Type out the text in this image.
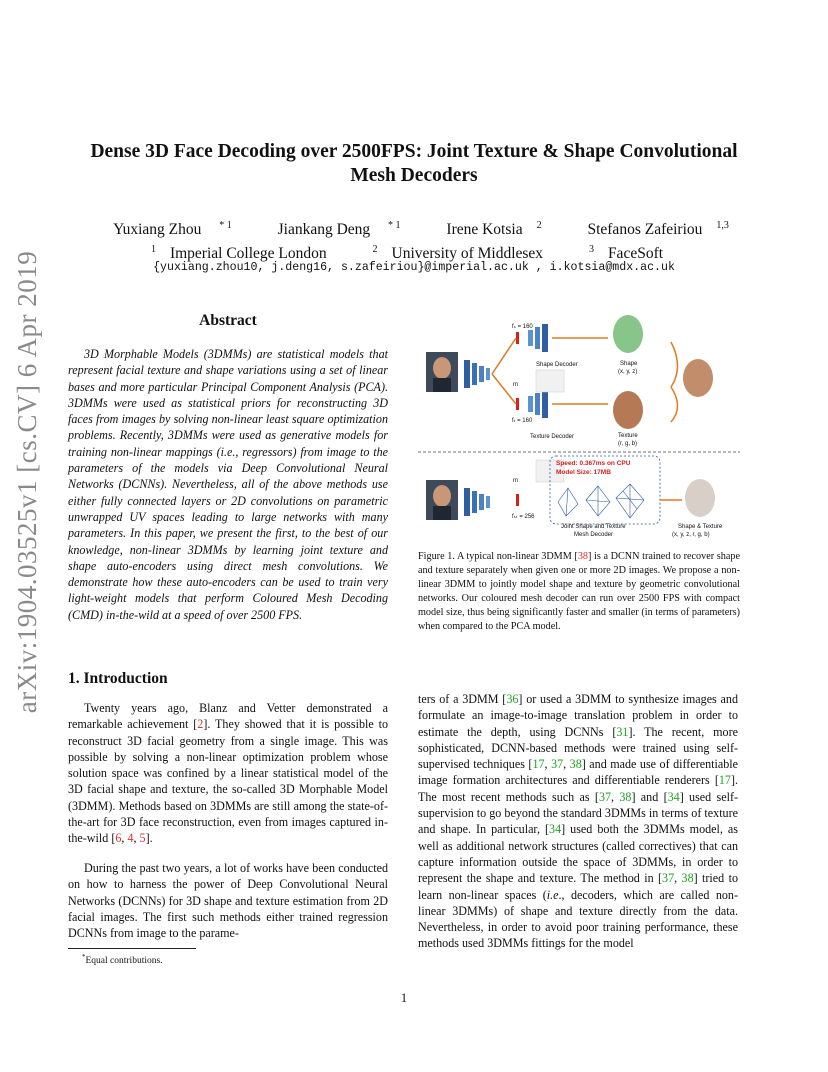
arXiv:1904.03525v1 [cs.CV] 6 Apr 2019
Dense 3D Face Decoding over 2500FPS: Joint Texture & Shape Convolutional
Mesh Decoders
Yuxiang Zhou $^{* 1}$	Jiankang Deng $^{* 1}$	Irene Kotsia $^2$	Stefanos Zafeiriou $^{1,3}$
$^1$ Imperial College London	$^2$ University of Middlesex	$^3$ FaceSoft
{yuxiang.zhou10, j.deng16, s.zafeiriou}@imperial.ac.uk , i.kotsia@mdx.ac.uk
Abstract
3D Morphable Models (3DMMs) are statistical models that represent facial texture and shape variations using a set of linear bases and more particular Principal Component Analysis (PCA). 3DMMs were used as statistical priors for reconstructing 3D faces from images by solving non-linear least square optimization problems. Recently, 3DMMs were used as generative models for training non-linear mappings (i.e., regressors) from image to the parameters of the models via Deep Convolutional Neural Networks (DCNNs). Nevertheless, all of the above methods use either fully connected layers or 2D convolutions on parametric unwrapped UV spaces leading to large networks with many parameters. In this paper, we present the first, to the best of our knowledge, non-linear 3DMMs by learning joint texture and shape auto-encoders using direct mesh convolutions. We demonstrate how these auto-encoders can be used to train very light-weight models that perform Coloured Mesh Decoding (CMD) in-the-wild at a speed of over 2500 FPS.
1. Introduction
Twenty years ago, Blanz and Vetter demonstrated a remarkable achievement [2]. They showed that it is possible to reconstruct 3D facial geometry from a single image. This was possible by solving a non-linear optimization problem whose solution space was confined by a linear statistical model of the 3D facial shape and texture, the so-called 3D Morphable Model (3DMM). Methods based on 3DMMs are still among the state-of-the-art for 3D face reconstruction, even from images captured in-the-wild [6, 4, 5].
During the past two years, a lot of works have been conducted on how to harness the power of Deep Convolutional Neural Networks (DCNNs) for 3D shape and texture estimation from 2D facial images. The first such methods either trained regression DCNNs from image to the parame-
ters of a 3DMM [36] or used a 3DMM to synthesize images and formulate an image-to-image translation problem in order to estimate the depth, using DCNNs [31]. The recent, more sophisticated, DCNN-based methods were trained using self-supervised techniques [17, 37, 38] and made use of differentiable image formation architectures and differentiable renderers [17]. The most recent methods such as [37, 38] and [34] used self-supervision to go beyond the standard 3DMMs in terms of texture and shape. In particular, [34] used both the 3DMMs model, as well as additional network structures (called correctives) that can capture information outside the space of 3DMMs, in order to represent the shape and texture. The method in [37, 38] tried to learn non-linear spaces (i.e., decoders, which are called non-linear 3DMMs) of shape and texture directly from the data. Nevertheless, in order to avoid poor training performance, these methods used 3DMMs fittings for the model
fₛ = 160
fₜ = 160
m
Shape Decoder
Texture Decoder
Shape
(x, y, z)
Texture
(r, g, b)
m
fₛₜ = 256
Speed: 0.367ms on CPU
Model Size: 17MB
Joint Shape and Texture
Mesh Decoder
Shape & Texture
(x, y, z, r, g, b)
Figure 1. A typical non-linear 3DMM [38] is a DCNN trained to recover shape and texture separately when given one or more 2D images. We propose a non-linear 3DMM to jointly model shape and texture by geometric convolutional networks. Our coloured mesh decoder can run over 2500 FPS with compact model size, thus being significantly faster and smaller (in terms of parameters) when compared to the PCA model.
*Equal contributions.
1
